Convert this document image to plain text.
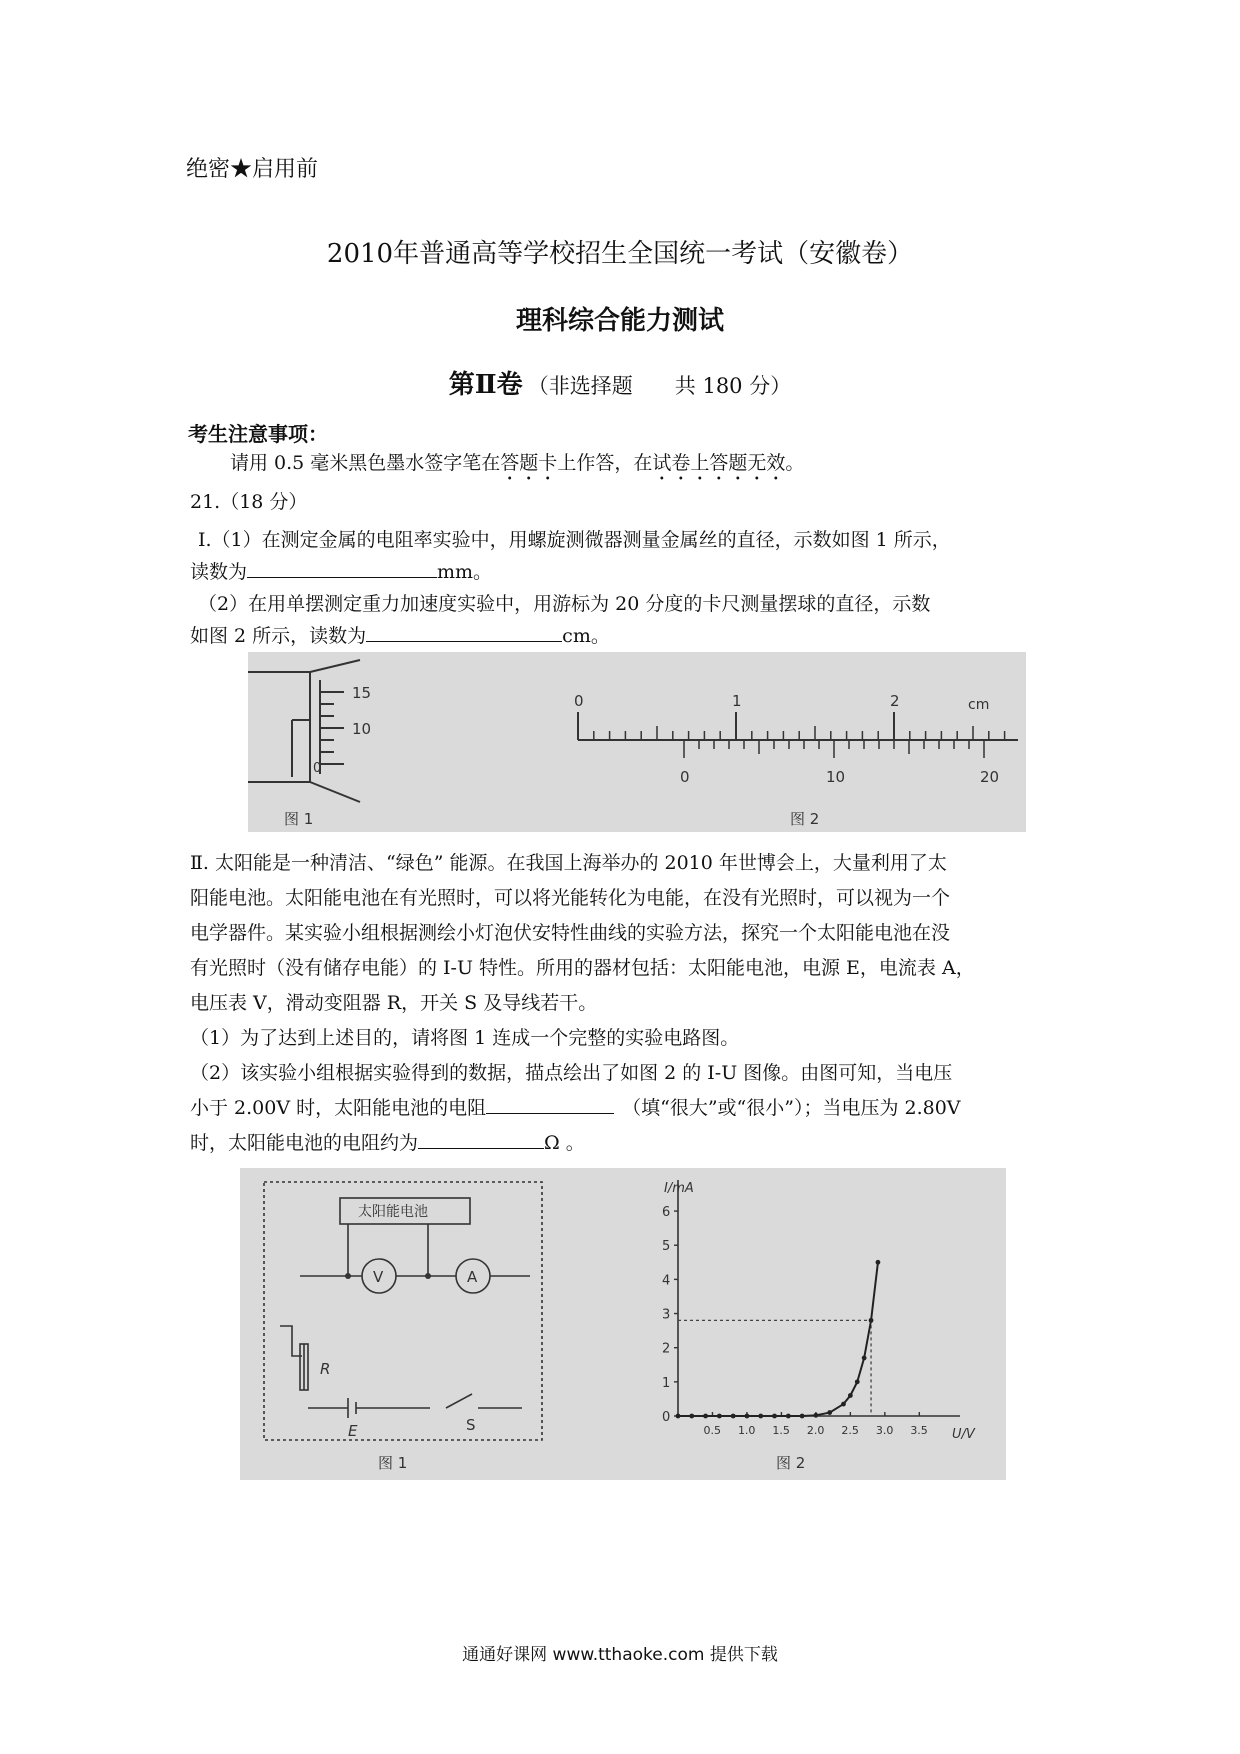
绝密★启用前
2010年普通高等学校招生全国统一考试（安徽卷）
理科综合能力测试
第Ⅱ卷 （非选择题　　共 180 分）
考生注意事项：
请用 0.5 毫米黑色墨水签字笔在答题卡上作答，在试卷上答题无效。
21.（18 分）
Ⅰ.（1）在测定金属的电阻率实验中，用螺旋测微器测量金属丝的直径，示数如图 1 所示，
读数为	mm。
（2）在用单摆测定重力加速度实验中，用游标为 20 分度的卡尺测量摆球的直径，示数
如图 2 所示，读数为	cm。
15
10
0
图 1
0	1	2	cm
0	10	20
图 2
Ⅱ. 太阳能是一种清洁、“绿色” 能源。在我国上海举办的 2010 年世博会上，大量利用了太
阳能电池。太阳能电池在有光照时，可以将光能转化为电能，在没有光照时，可以视为一个
电学器件。某实验小组根据测绘小灯泡伏安特性曲线的实验方法，探究一个太阳能电池在没
有光照时（没有储存电能）的 I-U 特性。所用的器材包括：太阳能电池，电源 E，电流表 A，
电压表 V，滑动变阻器 R，开关 S 及导线若干。
（1）为了达到上述目的，请将图 1 连成一个完整的实验电路图。
（2）该实验小组根据实验得到的数据，描点绘出了如图 2 的 I-U 图像。由图可知，当电压
小于 2.00V 时，太阳能电池的电阻	（填“很大”或“很小”）；当电压为 2.80V
时，太阳能电池的电阻约为	Ω 。
太阳能电池
V	A
R
E	S
图 1
0
1
2
3
4
5
6
0.5 1.0 1.5 2.0 2.5 3.0 3.5
I/mA
U/V
图 2
通通好课网 www.tthaoke.com 提供下载
